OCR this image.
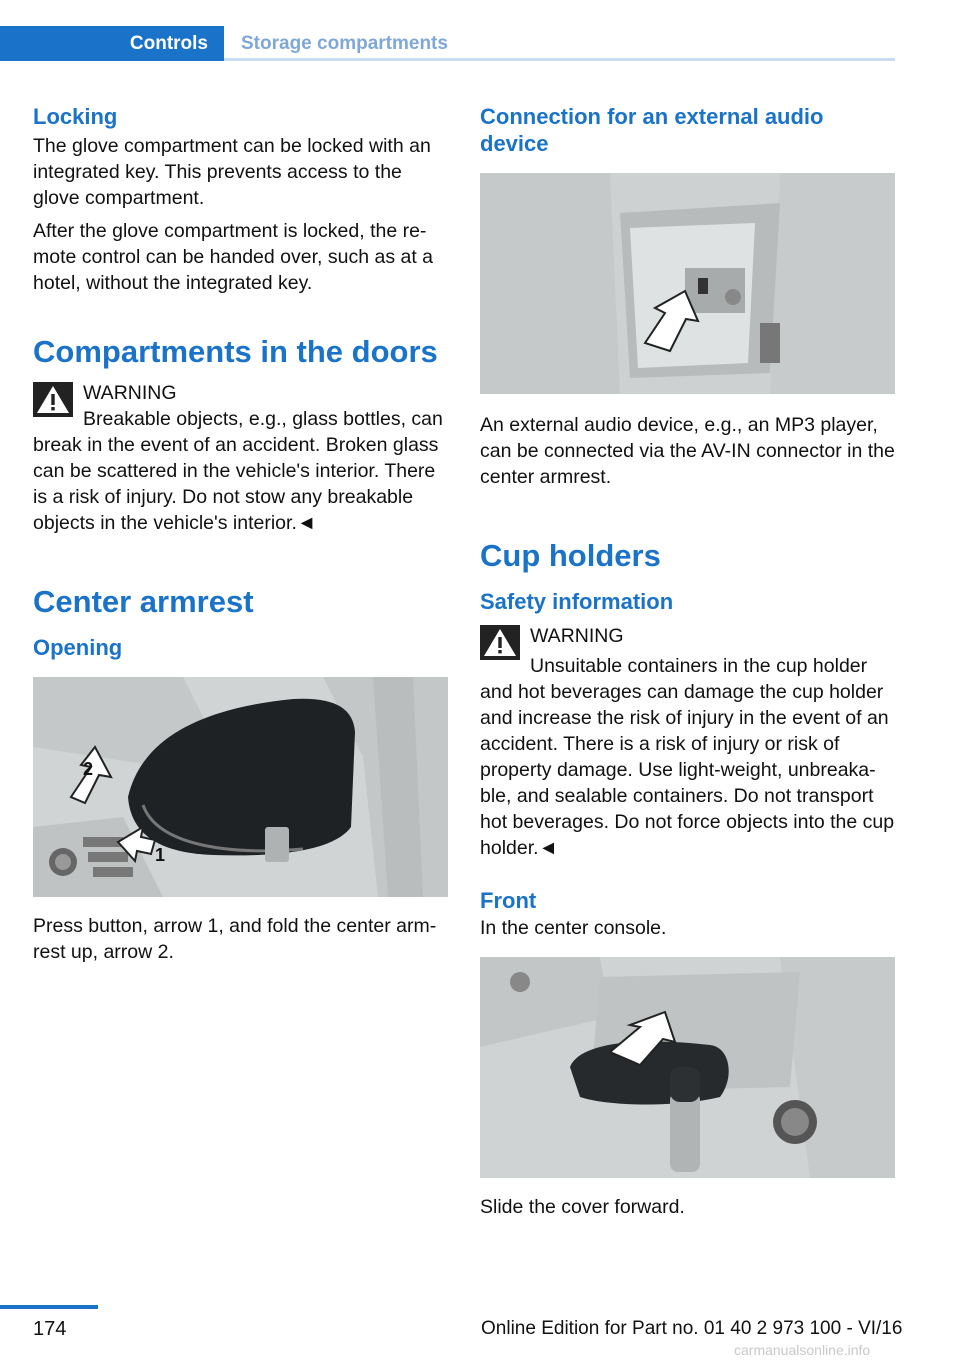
Controls	Storage compartments
Locking

The glove compartment can be locked with an integrated key. This prevents access to the glove compartment.

After the glove compartment is locked, the re‐mote control can be handed over, such as at a hotel, without the integrated key.

Compartments in the doors

WARNING

Breakable objects, e.g., glass bottles, can break in the event of an accident. Broken glass can be scattered in the vehicle's interior. There is a risk of injury. Do not stow any breakable objects in the vehicle's interior.◄

Center armrest
Opening
2
1

Press button, arrow 1, and fold the center arm‐rest up, arrow 2.

Connection for an external audio device

An external audio device, e.g., an MP3 player, can be connected via the AV-IN connector in the center armrest.

Cup holders
Safety information

WARNING

Unsuitable containers in the cup holder and hot beverages can damage the cup holder and increase the risk of injury in the event of an accident. There is a risk of injury or risk of property damage. Use light-weight, unbreaka‐ble, and sealable containers. Do not transport hot beverages. Do not force objects into the cup holder.◄

Front

In the center console.

Slide the cover forward.

174	Online Edition for Part no. 01 40 2 973 100 - VI/16
carmanualsonline.info
